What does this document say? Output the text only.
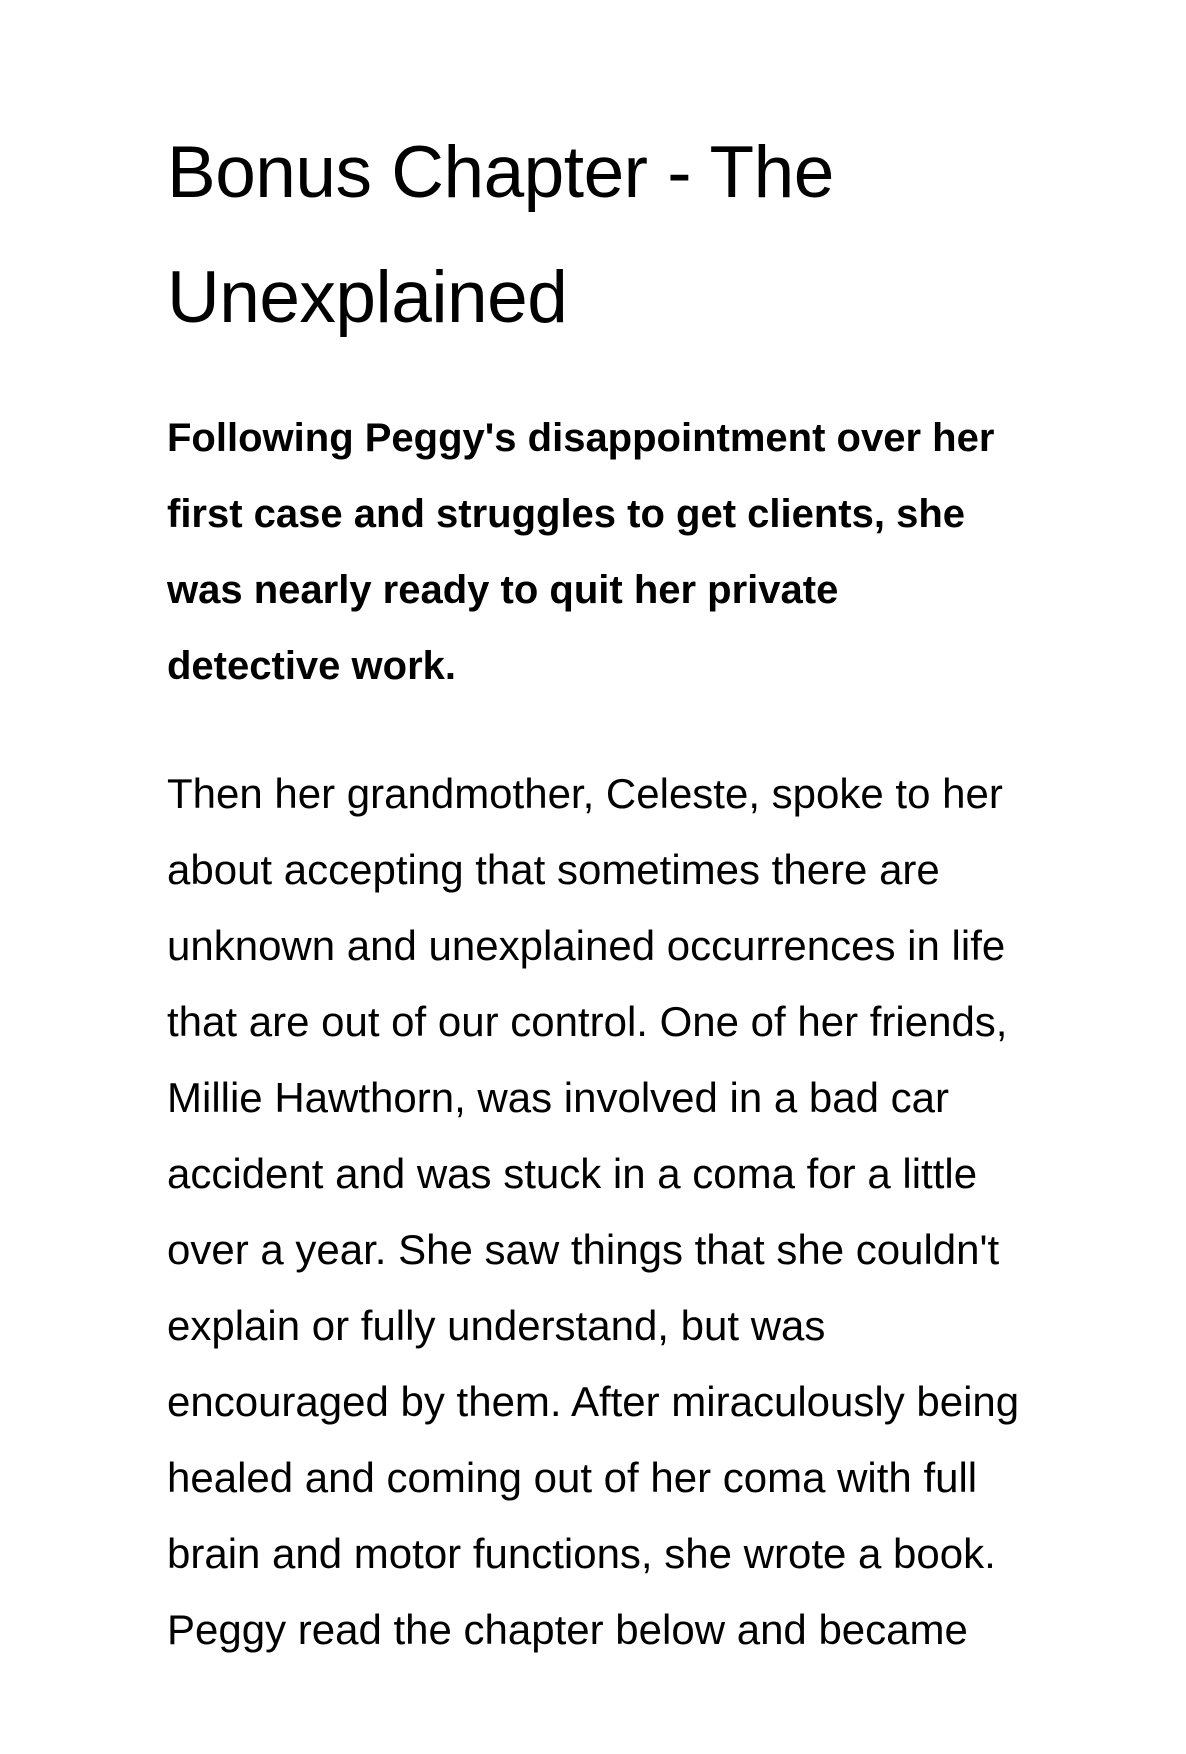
Bonus Chapter - The
Unexplained

Following Peggy's disappointment over her
first case and struggles to get clients, she
was nearly ready to quit her private
detective work.

Then her grandmother, Celeste, spoke to her
about accepting that sometimes there are
unknown and unexplained occurrences in life
that are out of our control. One of her friends,
Millie Hawthorn, was involved in a bad car
accident and was stuck in a coma for a little
over a year. She saw things that she couldn't
explain or fully understand, but was
encouraged by them. After miraculously being
healed and coming out of her coma with full
brain and motor functions, she wrote a book.
Peggy read the chapter below and became
